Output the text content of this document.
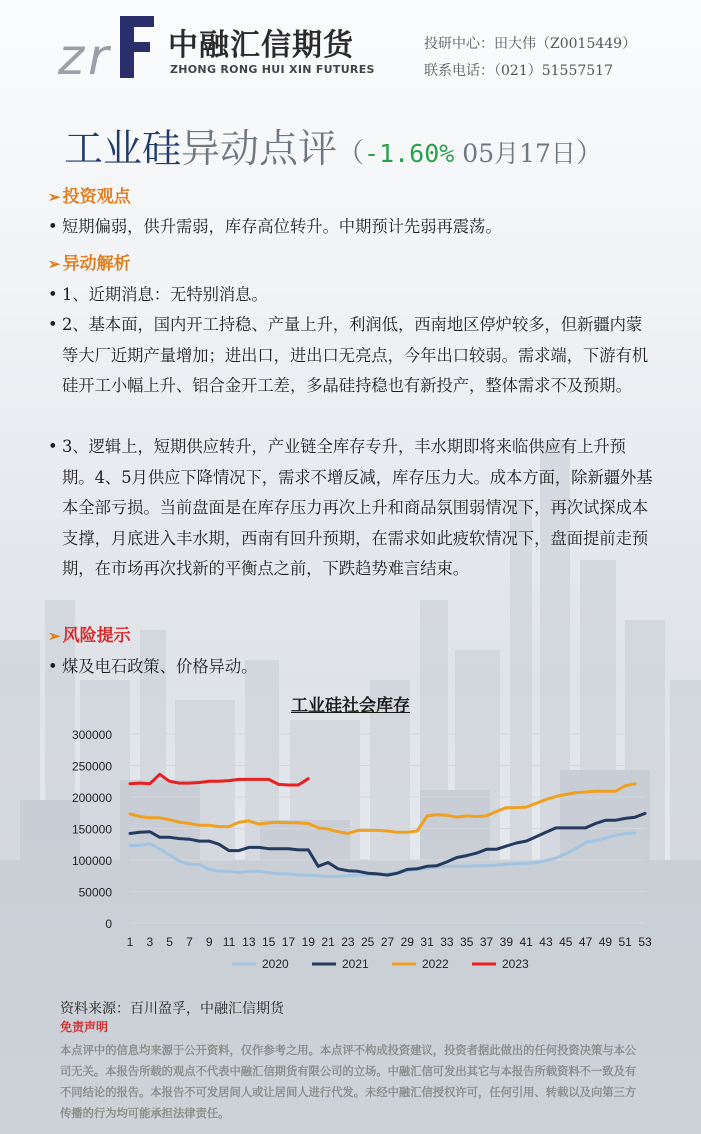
z r 中融汇信期货
ZHONG RONG HUI XIN FUTURES
投研中心：田大伟（Z0015449）
联系电话：（021）51557517
工业硅异动点评（-1.60% 05月17日）
➢ 投资观点
• 短期偏弱，供升需弱，库存高位转升。中期预计先弱再震荡。
➢ 异动解析
• 1、近期消息：无特别消息。
• 2、基本面，国内开工持稳、产量上升，利润低，西南地区停炉较多，但新疆内蒙等大厂近期产量增加；进出口，进出口无亮点，今年出口较弱。需求端，下游有机硅开工小幅上升、铝合金开工差，多晶硅持稳也有新投产，整体需求不及预期。
• 3、逻辑上，短期供应转升，产业链全库存专升，丰水期即将来临供应有上升预期。4、5月供应下降情况下，需求不增反减，库存压力大。成本方面，除新疆外基本全部亏损。当前盘面是在库存压力再次上升和商品氛围弱情况下，再次试探成本支撑，月底进入丰水期，西南有回升预期，在需求如此疲软情况下，盘面提前走预期，在市场再次找新的平衡点之前，下跌趋势难言结束。
➢ 风险提示
• 煤及电石政策、价格异动。
工业硅社会库存
300000
250000
200000
150000
100000
50000
0
1 3 5 7 9 11 13 15 17 19 21 23 25 27 29 31 33 35 37 39 41 43 45 47 49 51 53
2020	2021	2022	2023
资料来源：百川盈孚，中融汇信期货
免责声明
本点评中的信息均来源于公开资料，仅作参考之用。本点评不构成投资建议，投资者据此做出的任何投资决策与本公司无关。本报告所载的观点不代表中融汇信期货有限公司的立场。中融汇信可发出其它与本报告所载资料不一致及有不同结论的报告。本报告不可发居间人或让居间人进行代发。未经中融汇信授权许可，任何引用、转载以及向第三方传播的行为均可能承担法律责任。
